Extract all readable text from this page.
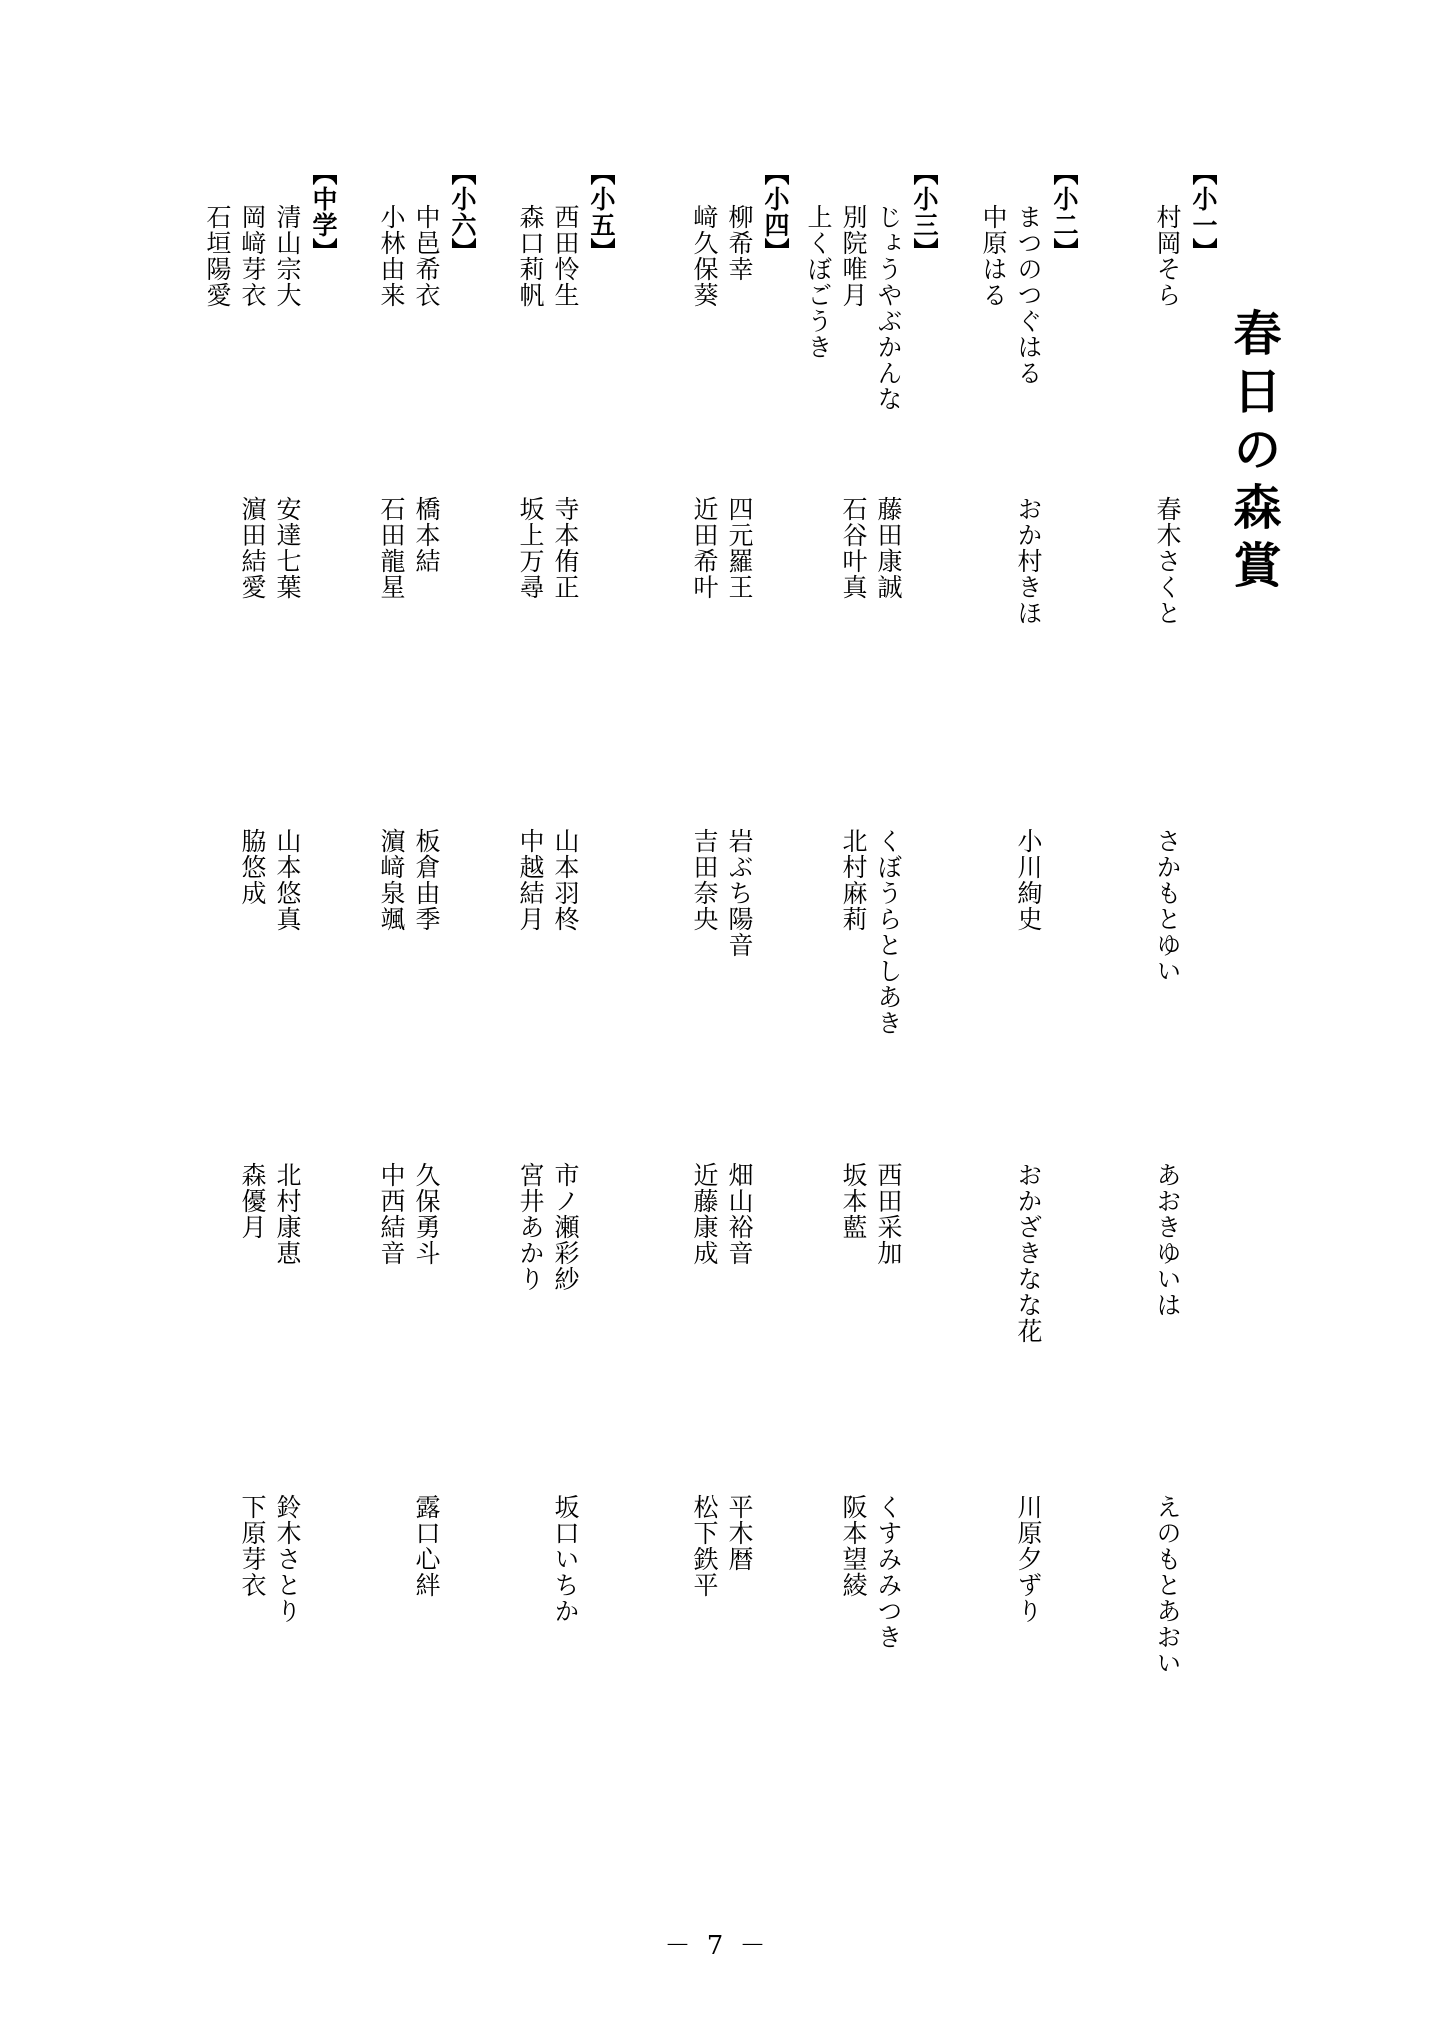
春日の森賞
【小一】
村岡そら
春木さくと
さかもとゆい
あおきゆいは
えのもとあおい
【小二】
まつのつぐはる
おか村きほ
小川絢史
おかざきなな花
川原夕ずり
中原はる
【小三】
じょうやぶかんな
藤田康誠
くぼうらとしあき
西田采加
くすみみつき
別院唯月
石谷叶真
北村麻莉
坂本藍
阪本望綾
上くぼごうき
【小四】
柳希幸
四元羅王
岩ぶち陽音
畑山裕音
平木暦
﨑久保葵
近田希叶
吉田奈央
近藤康成
松下鉄平
【小五】
西田怜生
寺本侑正
山本羽柊
市ノ瀬彩紗
坂口いちか
森口莉帆
坂上万尋
中越結月
宮井あかり
【小六】
中邑希衣
橋本結
板倉由季
久保勇斗
露口心絆
小林由来
石田龍星
濵﨑泉颯
中西結音
【中学】
清山宗大
安達七葉
山本悠真
北村康恵
鈴木さとり
岡﨑芽衣
濵田結愛
脇悠成
森優月
下原芽衣
石垣陽愛
－ 7 －
